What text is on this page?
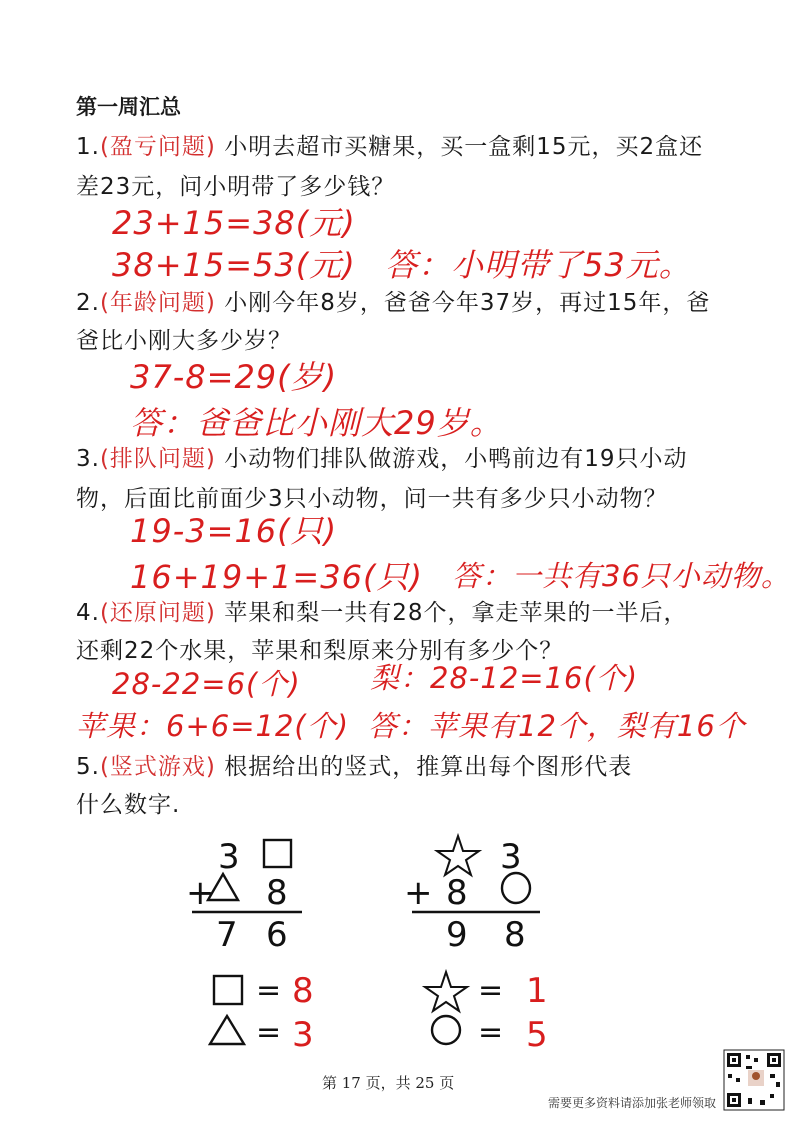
第一周汇总
1.(盈亏问题) 小明去超市买糖果，买一盒剩15元，买2盒还
差23元，问小明带了多少钱？
23+15=38(元)
38+15=53(元) 答：小明带了53元。
2.(年龄问题) 小刚今年8岁，爸爸今年37岁，再过15年，爸
爸比小刚大多少岁？
37-8=29(岁)
答：爸爸比小刚大29岁。
3.(排队问题) 小动物们排队做游戏，小鸭前边有19只小动
物，后面比前面少3只小动物，问一共有多少只小动物？
19-3=16(只)
16+19+1=36(只) 答：一共有36只小动物。
4.(还原问题) 苹果和梨一共有28个，拿走苹果的一半后，
还剩22个水果，苹果和梨原来分别有多少个？
28-22=6(个) 梨：28-12=16(个)
苹果：6+6=12(个) 答：苹果有12个，梨有16个
5.(竖式游戏) 根据给出的竖式，推算出每个图形代表
什么数字.
3
+ 8
7 6
= 8
= 3
3
+ 8
9 8
= 1
= 5
第 17 页，共 25 页
需要更多资料请添加张老师领取
